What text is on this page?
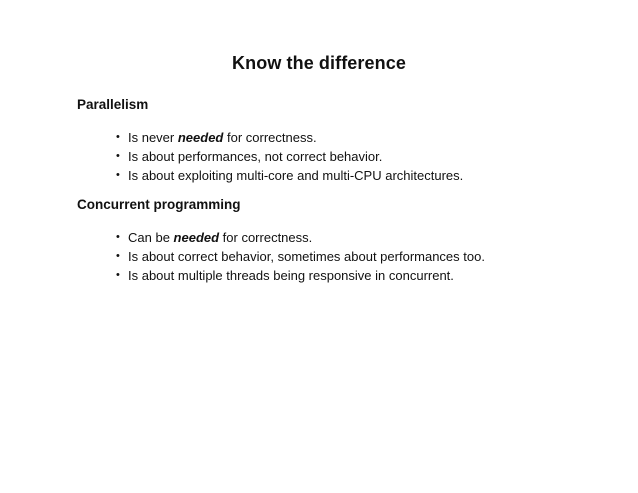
Know the difference
Parallelism
• Is never needed for correctness.
• Is about performances, not correct behavior.
• Is about exploiting multi-core and multi-CPU architectures.
Concurrent programming
• Can be needed for correctness.
• Is about correct behavior, sometimes about performances too.
• Is about multiple threads being responsive in concurrent.
